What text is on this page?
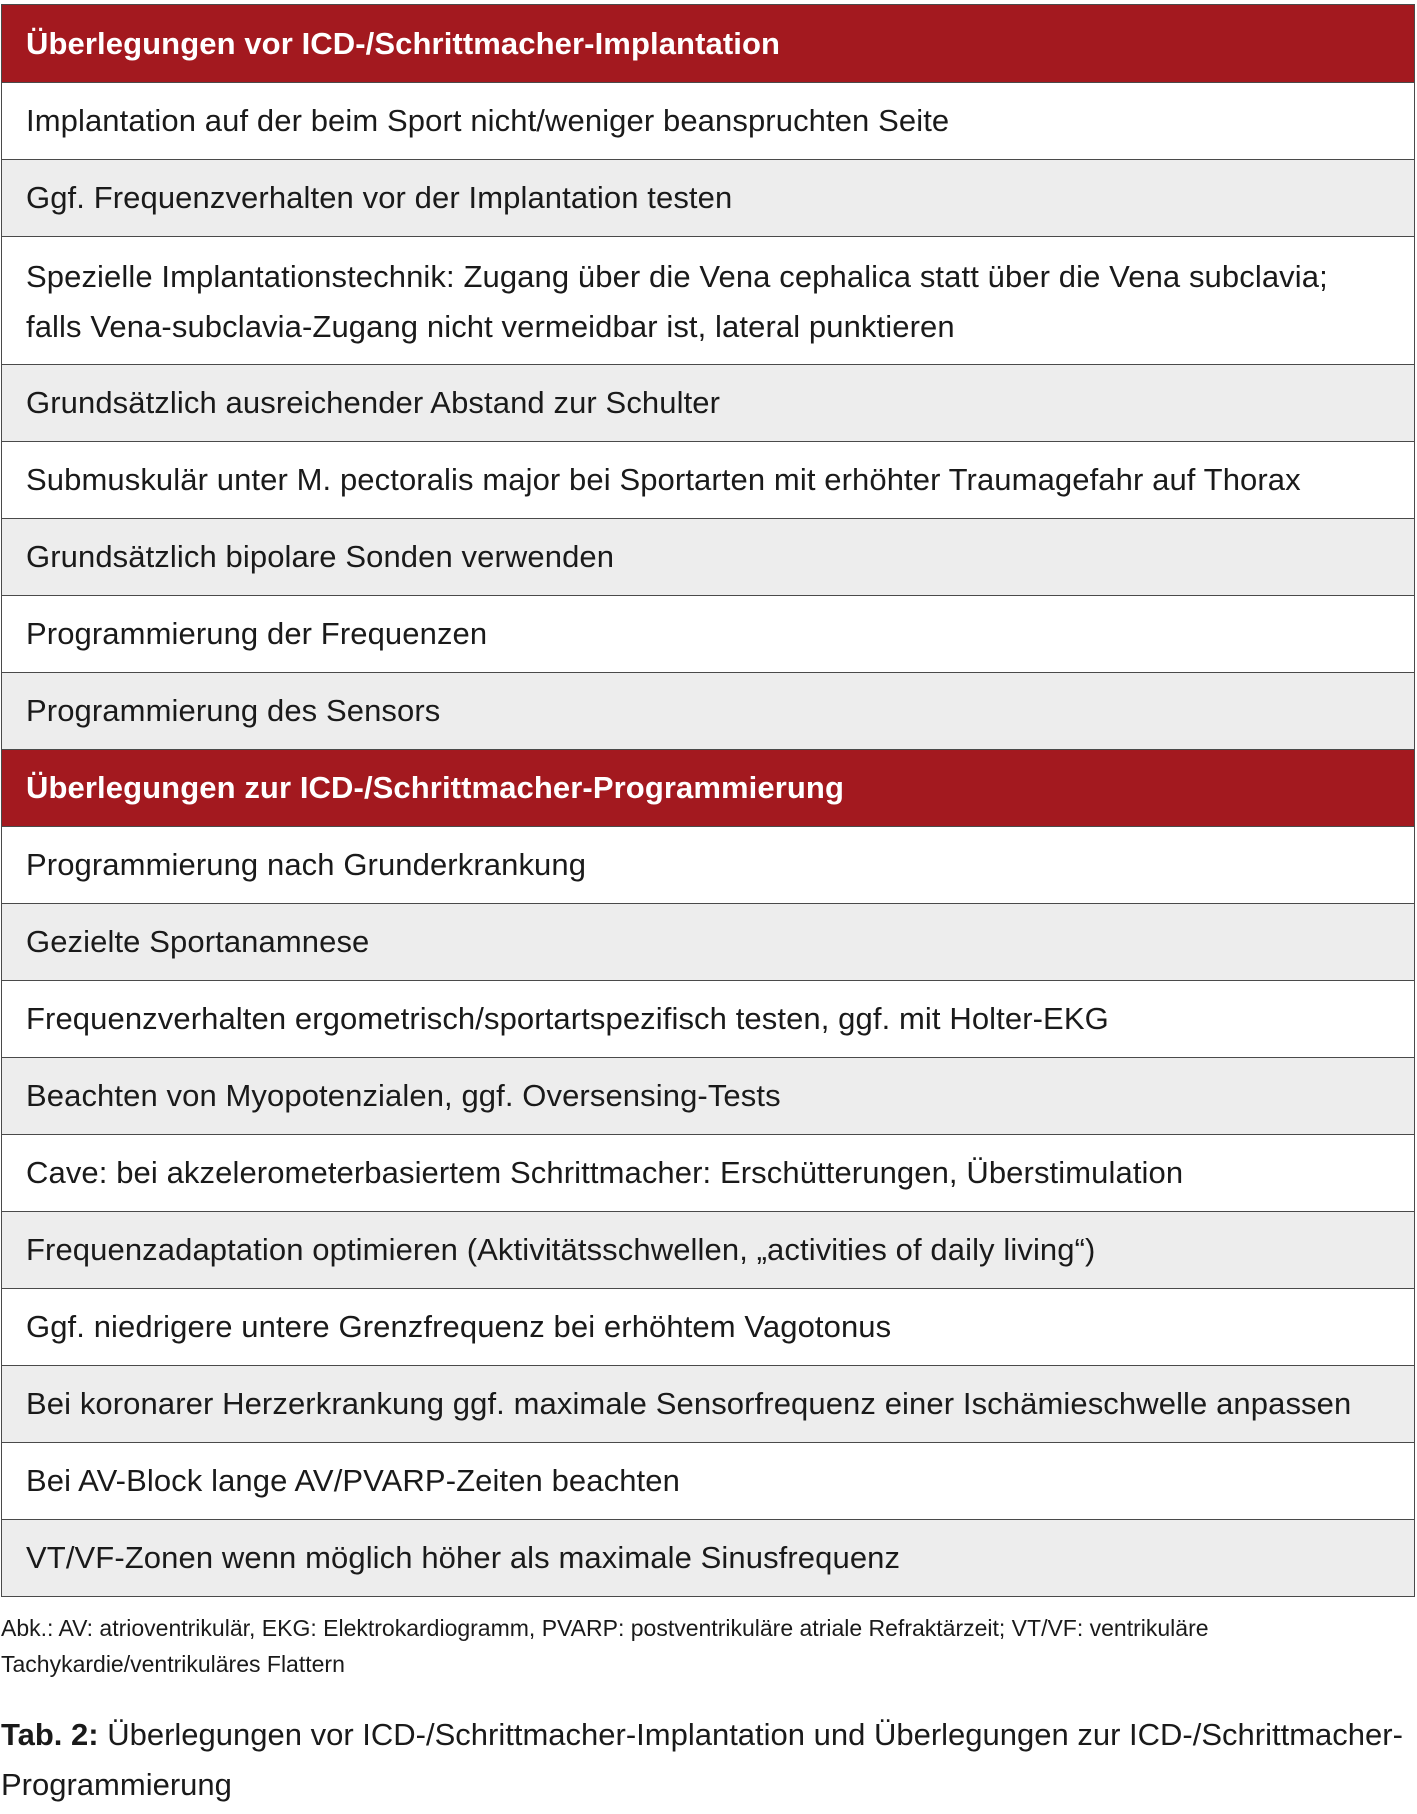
Überlegungen vor ICD-/Schrittmacher-Implantation
Implantation auf der beim Sport nicht/weniger beanspruchten Seite
Ggf. Frequenzverhalten vor der Implantation testen
Spezielle Implantationstechnik: Zugang über die Vena cephalica statt über die Vena subclavia; falls Vena-subclavia-Zugang nicht vermeidbar ist, lateral punktieren
Grundsätzlich ausreichender Abstand zur Schulter
Submuskulär unter M. pectoralis major bei Sportarten mit erhöhter Traumagefahr auf Thorax
Grundsätzlich bipolare Sonden verwenden
Programmierung der Frequenzen
Programmierung des Sensors
Überlegungen zur ICD-/Schrittmacher-Programmierung
Programmierung nach Grunderkrankung
Gezielte Sportanamnese
Frequenzverhalten ergometrisch/sportartspezifisch testen, ggf. mit Holter-EKG
Beachten von Myopotenzialen, ggf. Oversensing-Tests
Cave: bei akzelerometerbasiertem Schrittmacher: Erschütterungen, Überstimulation
Frequenzadaptation optimieren (Aktivitätsschwellen, „activities of daily living“)
Ggf. niedrigere untere Grenzfrequenz bei erhöhtem Vagotonus
Bei koronarer Herzerkrankung ggf. maximale Sensorfrequenz einer Ischämieschwelle anpassen
Bei AV-Block lange AV/PVARP-Zeiten beachten
VT/VF-Zonen wenn möglich höher als maximale Sinusfrequenz
Abk.: AV: atrioventrikulär, EKG: Elektrokardiogramm, PVARP: postventrikuläre atriale Refraktärzeit; VT/VF: ventrikuläre Tachykardie/ventrikuläres Flattern
Tab. 2: Überlegungen vor ICD-/Schrittmacher-Implantation und Überlegungen zur ICD-/Schrittmacher-Programmierung
